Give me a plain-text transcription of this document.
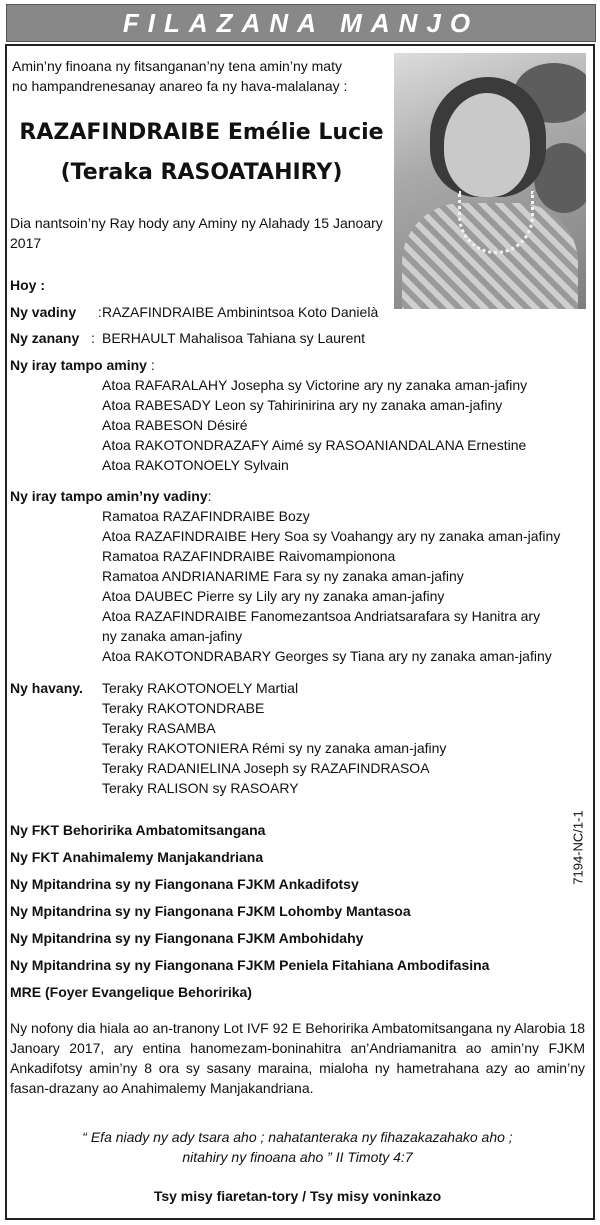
FILAZANA MANJO
Amin’ny finoana ny fitsanganan’ny tena amin’ny maty
no hampandrenesanay anareo fa ny hava-malalanay :
RAZAFINDRAIBE Emélie Lucie
(Teraka RASOATAHIRY)
Dia nantsoin’ny Ray hody any Aminy ny Alahady 15 Janoary
2017
Hoy :
Ny vadiny : RAZAFINDRAIBE Ambinintsoa Koto Danielà
Ny zanany : BERHAULT Mahalisoa Tahiana sy Laurent
Ny iray tampo aminy :
Atoa RAFARALAHY Josepha sy Victorine ary ny zanaka aman-jafiny
Atoa RABESADY Leon sy Tahirinirina ary ny zanaka aman-jafiny
Atoa RABESON Désiré
Atoa RAKOTONDRAZAFY Aimé sy RASOANIANDALANA Ernestine
Atoa RAKOTONOELY Sylvain
Ny iray tampo amin’ny vadiny:
Ramatoa RAZAFINDRAIBE Bozy
Atoa RAZAFINDRAIBE Hery Soa sy Voahangy ary ny zanaka aman-jafiny
Ramatoa RAZAFINDRAIBE Raivomampionona
Ramatoa ANDRIANARIME Fara sy ny zanaka aman-jafiny
Atoa DAUBEC Pierre sy Lily ary ny zanaka aman-jafiny
Atoa RAZAFINDRAIBE Fanomezantsoa Andriatsarafara sy Hanitra ary
ny zanaka aman-jafiny
Atoa RAKOTONDRABARY Georges sy Tiana ary ny zanaka aman-jafiny
Ny havany. Teraky RAKOTONOELY Martial
Teraky RAKOTONDRABE
Teraky RASAMBA
Teraky RAKOTONIERA Rémi sy ny zanaka aman-jafiny
Teraky RADANIELINA Joseph sy RAZAFINDRASOA
Teraky RALISON sy RASOARY
7194-NC/1-1
Ny FKT Behoririka Ambatomitsangana
Ny FKT Anahimalemy Manjakandriana
Ny Mpitandrina sy ny Fiangonana FJKM Ankadifotsy
Ny Mpitandrina sy ny Fiangonana FJKM Lohomby Mantasoa
Ny Mpitandrina sy ny Fiangonana FJKM Ambohidahy
Ny Mpitandrina sy ny Fiangonana FJKM Peniela Fitahiana Ambodifasina
MRE (Foyer Evangelique Behoririka)
Ny nofony dia hiala ao an-tranony Lot IVF 92 E Behoririka Ambatomitsangana ny Alarobia 18 Janoary 2017, ary entina hanomezam-boninahitra an’Andriamanitra ao amin’ny FJKM Ankadifotsy amin’ny 8 ora sy sasany maraina, mialoha ny hametrahana azy ao amin’ny fasan-drazany ao Anahimalemy Manjakandriana.
“ Efa niady ny ady tsara aho ; nahatanteraka ny fihazakazahako aho ;
nitahiry ny finoana aho ” II Timoty 4:7
Tsy misy fiaretan-tory / Tsy misy voninkazo
